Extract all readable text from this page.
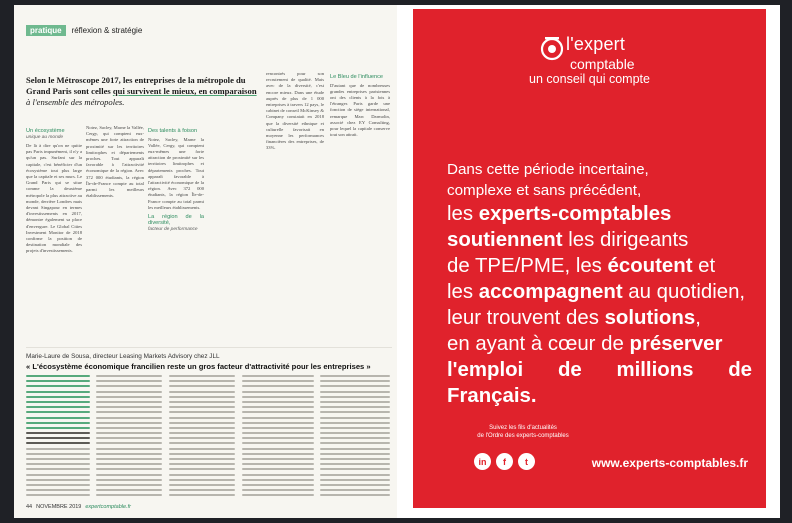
pratique	réflexion & stratégie
Selon le Métroscope 2017, les entreprises de la métropole du Grand Paris sont celles qui survivent le mieux, en comparaison à l'ensemble des métropoles.
Un écosystème
unique au monde
De là à dire qu'on ne quitte pas Paris impunément, il n'y a qu'un pas. Surfant sur la capitale, c'est bénéficier d'un écosystème tout plus large que la capitale et ses murs. Le Grand Paris qui se situe comme la deuxième métropole la plus attractive au monde, derrière Londres mais devant Singapour en termes d'investissements en 2017, démontre également sa place d'envergure. Le Global Cities Investment Monitor de 2018 confirme la position de destination mondiale des projets d'investissements.
Notez, Sacley, Marne la Vallée, Cergy, qui comptent eux-mêmes une forte attraction de proximité sur les territoires limitrophes et départements proches. Tout apparaît favorable à l'attractivité économique de la région. Avec 372 000 étudiants, la région Île-de-France compte au total parmi les meilleurs établissements.
Des talents à foison
Notez, Sacley, Marne la Vallée, Cergy, qui comptent eux-mêmes une forte attraction de proximité sur les territoires limitrophes et départements proches. Tout apparaît favorable à l'attractivité économique de la région. Avec 372 000 étudiants, la région Île-de-France compte au total parmi les meilleurs établissements.
La région de la diversité,
facteur de performance
rencontrés pour son recrutement de qualité. Mais avec de la diversité, c'est encore mieux. Dans une étude auprès de plus de 1 000 entreprises à travers 12 pays, le cabinet de conseil McKinsey & Company constatait en 2018 que la diversité ethnique et culturelle favorisait en moyenne les performances financières des entreprises, de 33%.
Le Bleu de l'influence
D'autant que de nombreuses grandes entreprises parisiennes ont des clients à la fois à l'étranger. Paris garde une fonction de siège international, remarque Marc Darmolin, associé chez EY Consulting, pour lequel la capitale conserve tout son attrait.
Marie-Laure de Sousa, directeur Leasing Markets Advisory chez JLL
« L'écosystème économique francilien reste un gros facteur d'attractivité pour les entreprises »
44 NOVEMBRE 2019 expertcomptable.fr
l'expert
comptable
un conseil qui compte
Dans cette période incertaine,
complexe et sans précédent,
les experts-comptables
soutiennent les dirigeants
de TPE/PME, les écoutent et
les accompagnent au quotidien,
leur trouvent des solutions,
en ayant à cœur de préserver
l'emploi de millions de Français.
Suivez les fils d'actualités
de l'Ordre des experts-comptables
in	f	t	www.experts-comptables.fr
